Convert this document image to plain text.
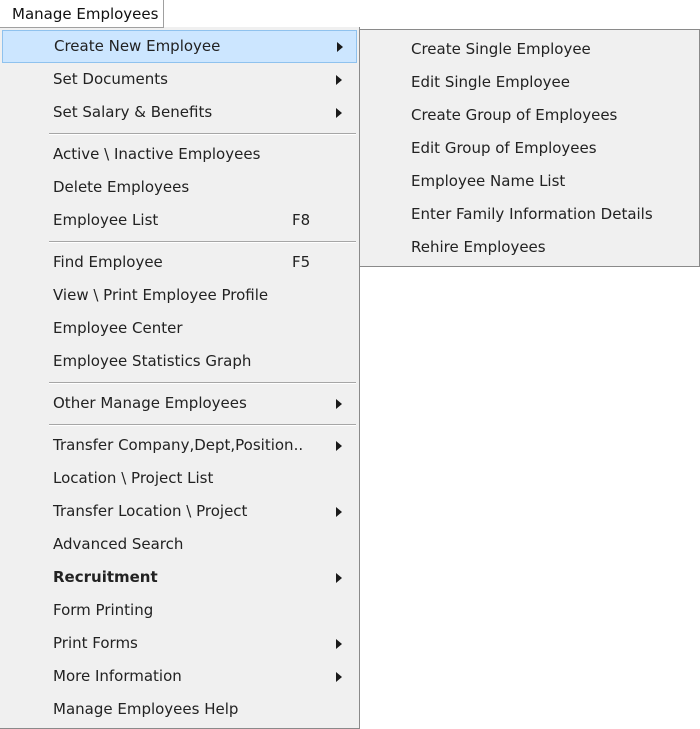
Manage Employees
Create New Employee
Set Documents
Set Salary & Benefits
Active \ Inactive Employees
Delete Employees
Employee List	F8
Find Employee	F5
View \ Print Employee Profile
Employee Center
Employee Statistics Graph
Other Manage Employees
Transfer Company,Dept,Position..
Location \ Project List
Transfer Location \ Project
Advanced Search
Recruitment
Form Printing
Print Forms
More Information
Manage Employees Help
Create Single Employee
Edit Single Employee
Create Group of Employees
Edit Group of Employees
Employee Name List
Enter Family Information Details
Rehire Employees
